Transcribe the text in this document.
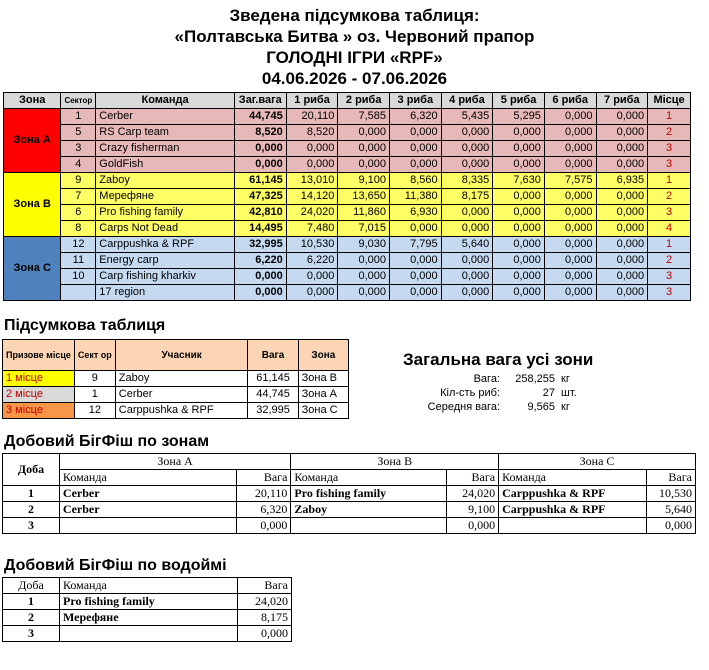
Зведена підсумкова таблиця:
«Полтавська Битва » оз. Червоний прапор
ГОЛОДНІ ІГРИ «RPF»
04.06.2026 - 07.06.2026
Зона	Сектор	Команда	Заг.вага	1 риба	2 риба	3 риба	4 риба	5 риба	6 риба	7 риба	Місце
Зона А	1	Cerber	44,745	20,110	7,585	6,320	5,435	5,295	0,000	0,000	1
	5	RS Carp team	8,520	8,520	0,000	0,000	0,000	0,000	0,000	0,000	2
	3	Crazy fisherman	0,000	0,000	0,000	0,000	0,000	0,000	0,000	0,000	3
	4	GoldFish	0,000	0,000	0,000	0,000	0,000	0,000	0,000	0,000	3
Зона В	9	Zaboy	61,145	13,010	9,100	8,560	8,335	7,630	7,575	6,935	1
	7	Мерефяне	47,325	14,120	13,650	11,380	8,175	0,000	0,000	0,000	2
	6	Pro fishing family	42,810	24,020	11,860	6,930	0,000	0,000	0,000	0,000	3
	8	Carps Not Dead	14,495	7,480	7,015	0,000	0,000	0,000	0,000	0,000	4
Зона С	12	Carppushka & RPF	32,995	10,530	9,030	7,795	5,640	0,000	0,000	0,000	1
	11	Energy carp	6,220	6,220	0,000	0,000	0,000	0,000	0,000	0,000	2
	10	Carp fishing kharkiv	0,000	0,000	0,000	0,000	0,000	0,000	0,000	0,000	3
		17 region	0,000	0,000	0,000	0,000	0,000	0,000	0,000	0,000	3
Підсумкова таблиця
Призове місце	Сект ор	Учасник	Вага	Зона
1 місце	9	Zaboy	61,145	Зона В
2 місце	1	Cerber	44,745	Зона А
3 місце	12	Carppushka & RPF	32,995	Зона С
Загальна вага усі зони
Вага: 258,255 кг
Кіл-сть риб:	27 шт.
Середня вага: 9,565 кг
Добовий БігФіш по зонам
Доба	Зона А		Зона В		Зона С	
	Команда	Вага	Команда	Вага	Команда	Вага
1	Cerber	20,110	Pro fishing family	24,020	Carppushka & RPF	10,530
2	Cerber	6,320	Zaboy	9,100	Carppushka & RPF	5,640
3		0,000		0,000		0,000
Добовий БігФіш по водоймі
Доба	Команда	Вага
1	Pro fishing family	24,020
2	Мерефяне	8,175
3		0,000
